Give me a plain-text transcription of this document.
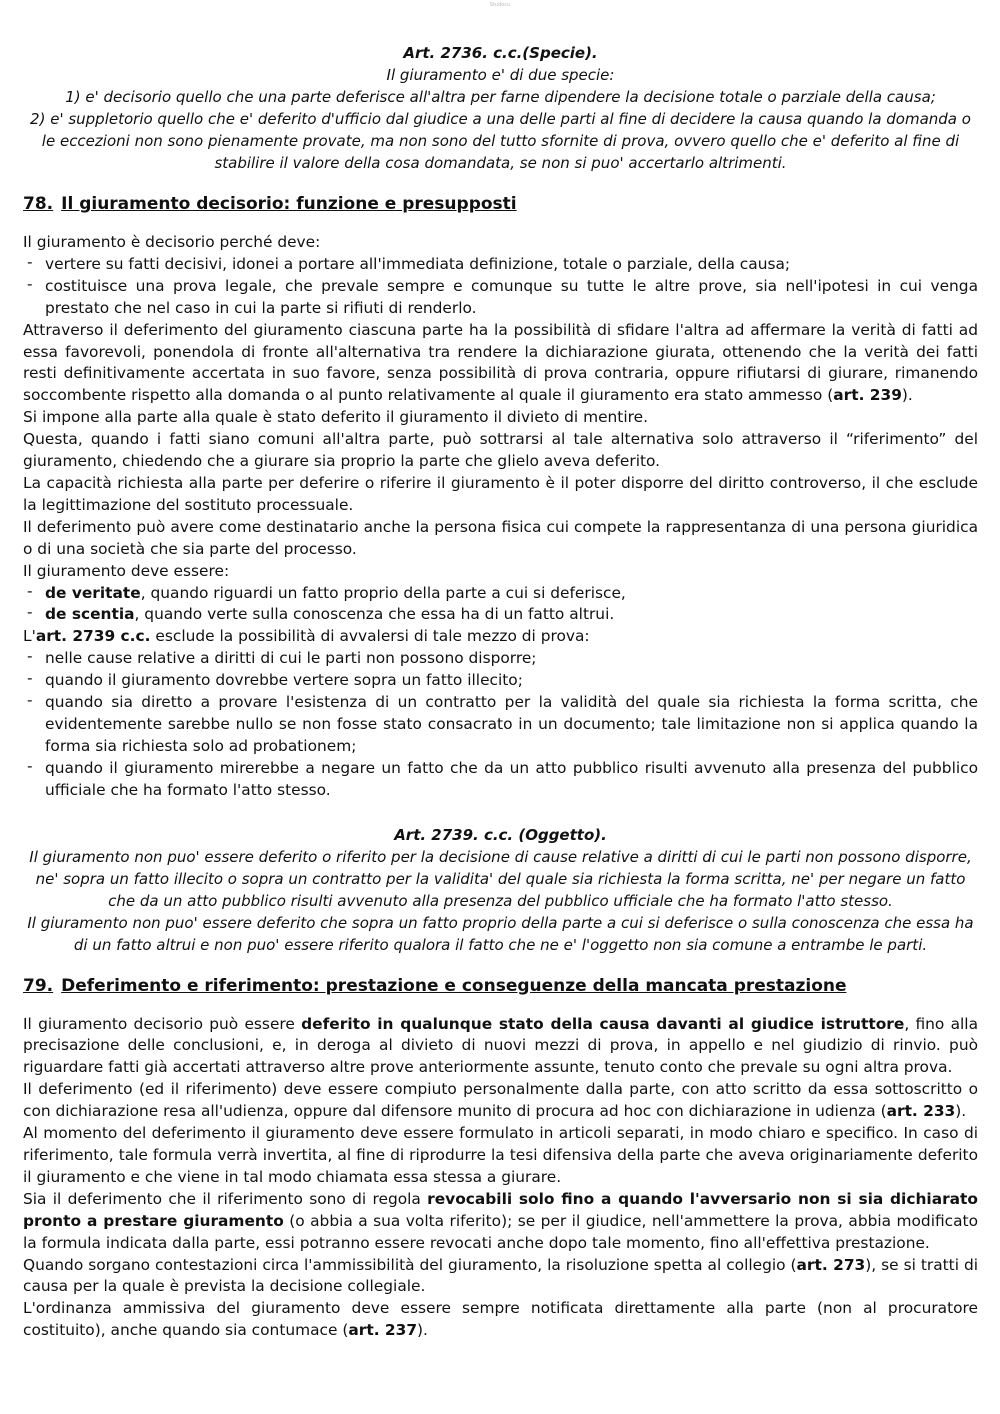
Studocu
Art. 2736. c.c.(Specie).
Il giuramento e' di due specie:
1) e' decisorio quello che una parte deferisce all'altra per farne dipendere la decisione totale o parziale della causa;
2) e' suppletorio quello che e' deferito d'ufficio dal giudice a una delle parti al fine di decidere la causa quando la domanda o le eccezioni non sono pienamente provate, ma non sono del tutto sfornite di prova, ovvero quello che e' deferito al fine di stabilire il valore della cosa domandata, se non si puo' accertarlo altrimenti.
78. Il giuramento decisorio: funzione e presupposti

Il giuramento è decisorio perché deve:

- vertere su fatti decisivi, idonei a portare all'immediata definizione, totale o parziale, della causa;
- costituisce una prova legale, che prevale sempre e comunque su tutte le altre prove, sia nell'ipotesi in cui venga prestato che nel caso in cui la parte si rifiuti di renderlo.

Attraverso il deferimento del giuramento ciascuna parte ha la possibilità di sfidare l'altra ad affermare la verità di fatti ad essa favorevoli, ponendola di fronte all'alternativa tra rendere la dichiarazione giurata, ottenendo che la verità dei fatti resti definitivamente accertata in suo favore, senza possibilità di prova contraria, oppure rifiutarsi di giurare, rimanendo soccombente rispetto alla domanda o al punto relativamente al quale il giuramento era stato ammesso (art. 239).

Si impone alla parte alla quale è stato deferito il giuramento il divieto di mentire.

Questa, quando i fatti siano comuni all'altra parte, può sottrarsi al tale alternativa solo attraverso il “riferimento” del giuramento, chiedendo che a giurare sia proprio la parte che glielo aveva deferito.

La capacità richiesta alla parte per deferire o riferire il giuramento è il poter disporre del diritto controverso, il che esclude la legittimazione del sostituto processuale.

Il deferimento può avere come destinatario anche la persona fisica cui compete la rappresentanza di una persona giuridica o di una società che sia parte del processo.

Il giuramento deve essere:

- de veritate, quando riguardi un fatto proprio della parte a cui si deferisce,
- de scentia, quando verte sulla conoscenza che essa ha di un fatto altrui.

L'art. 2739 c.c. esclude la possibilità di avvalersi di tale mezzo di prova:

- nelle cause relative a diritti di cui le parti non possono disporre;
- quando il giuramento dovrebbe vertere sopra un fatto illecito;
- quando sia diretto a provare l'esistenza di un contratto per la validità del quale sia richiesta la forma scritta, che evidentemente sarebbe nullo se non fosse stato consacrato in un documento; tale limitazione non si applica quando la forma sia richiesta solo ad probationem;
- quando il giuramento mirerebbe a negare un fatto che da un atto pubblico risulti avvenuto alla presenza del pubblico ufficiale che ha formato l'atto stesso.
Art. 2739. c.c. (Oggetto).
Il giuramento non puo' essere deferito o riferito per la decisione di cause relative a diritti di cui le parti non possono disporre, ne' sopra un fatto illecito o sopra un contratto per la validita' del quale sia richiesta la forma scritta, ne' per negare un fatto che da un atto pubblico risulti avvenuto alla presenza del pubblico ufficiale che ha formato l'atto stesso.
Il giuramento non puo' essere deferito che sopra un fatto proprio della parte a cui si deferisce o sulla conoscenza che essa ha di un fatto altrui e non puo' essere riferito qualora il fatto che ne e' l'oggetto non sia comune a entrambe le parti.
79. Deferimento e riferimento: prestazione e conseguenze della mancata prestazione

Il giuramento decisorio può essere deferito in qualunque stato della causa davanti al giudice istruttore, fino alla precisazione delle conclusioni, e, in deroga al divieto di nuovi mezzi di prova, in appello e nel giudizio di rinvio. può riguardare fatti già accertati attraverso altre prove anteriormente assunte, tenuto conto che prevale su ogni altra prova.

Il deferimento (ed il riferimento) deve essere compiuto personalmente dalla parte, con atto scritto da essa sottoscritto o con dichiarazione resa all'udienza, oppure dal difensore munito di procura ad hoc con dichiarazione in udienza (art. 233).

Al momento del deferimento il giuramento deve essere formulato in articoli separati, in modo chiaro e specifico. In caso di riferimento, tale formula verrà invertita, al fine di riprodurre la tesi difensiva della parte che aveva originariamente deferito il giuramento e che viene in tal modo chiamata essa stessa a giurare.

Sia il deferimento che il riferimento sono di regola revocabili solo fino a quando l'avversario non si sia dichiarato pronto a prestare giuramento (o abbia a sua volta riferito); se per il giudice, nell'ammettere la prova, abbia modificato la formula indicata dalla parte, essi potranno essere revocati anche dopo tale momento, fino all'effettiva prestazione.

Quando sorgano contestazioni circa l'ammissibilità del giuramento, la risoluzione spetta al collegio (art. 273), se si tratti di causa per la quale è prevista la decisione collegiale.

L'ordinanza ammissiva del giuramento deve essere sempre notificata direttamente alla parte (non al procuratore costituito), anche quando sia contumace (art. 237).
